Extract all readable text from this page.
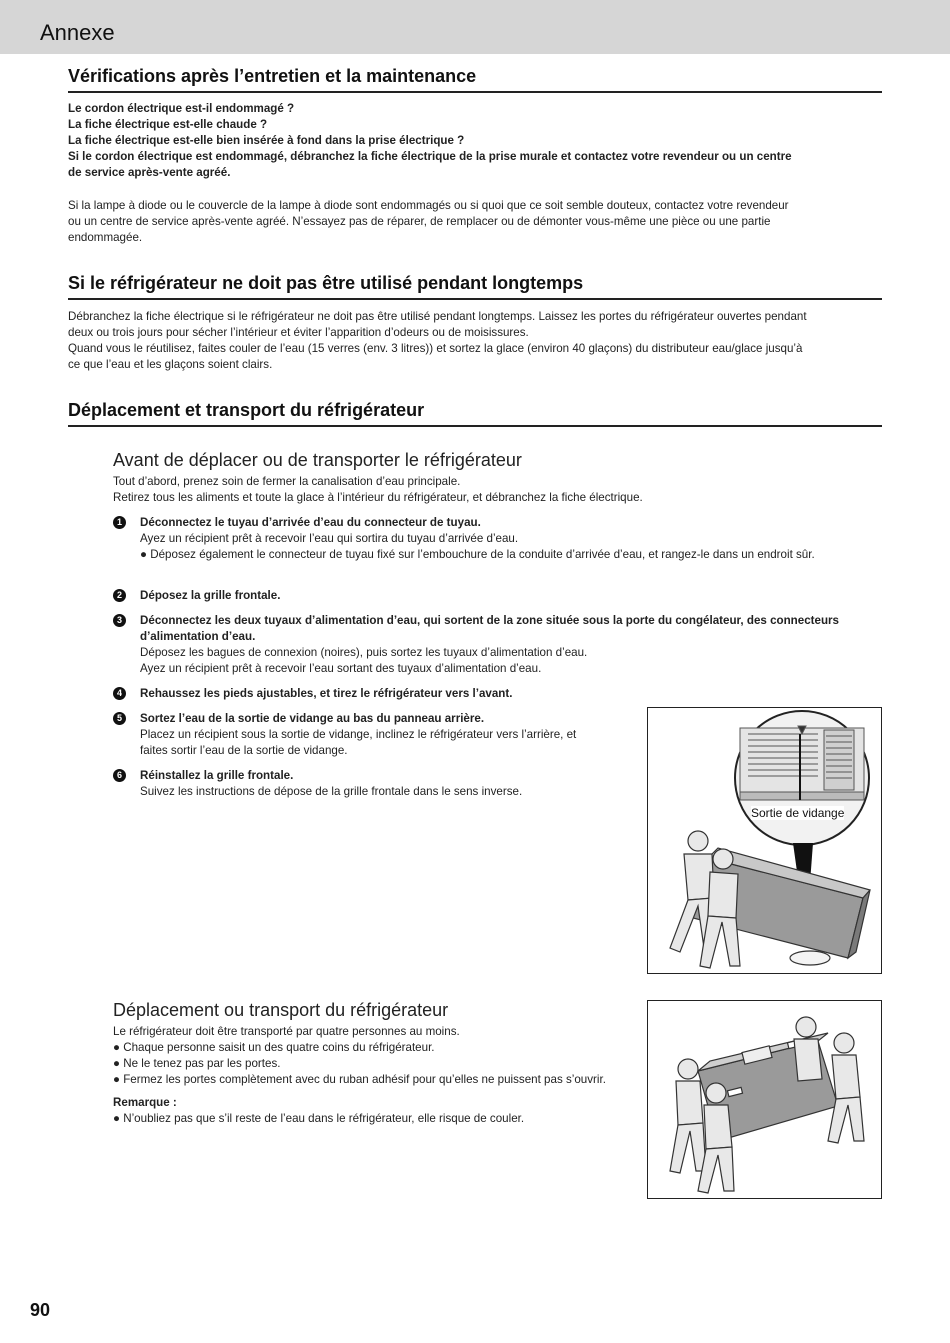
Annexe
Vérifications après l’entretien et la maintenance
Le cordon électrique est-il endommagé ?
La fiche électrique est-elle chaude ?
La fiche électrique est-elle bien insérée à fond dans la prise électrique ?
Si le cordon électrique est endommagé, débranchez la fiche électrique de la prise murale et contactez votre revendeur ou un centre
de service après-vente agréé.
Si la lampe à diode ou le couvercle de la lampe à diode sont endommagés ou si quoi que ce soit semble douteux, contactez votre revendeur
ou un centre de service après-vente agréé. N’essayez pas de réparer, de remplacer ou de démonter vous-même une pièce ou une partie
endommagée.
Si le réfrigérateur ne doit pas être utilisé pendant longtemps
Débranchez la fiche électrique si le réfrigérateur ne doit pas être utilisé pendant longtemps. Laissez les portes du réfrigérateur ouvertes pendant
deux ou trois jours pour sécher l’intérieur et éviter l’apparition d’odeurs ou de moisissures.
Quand vous le réutilisez, faites couler de l’eau (15 verres (env. 3 litres)) et sortez la glace (environ 40 glaçons) du distributeur eau/glace jusqu’à
ce que l’eau et les glaçons soient clairs.
Déplacement et transport du réfrigérateur
Avant de déplacer ou de transporter le réfrigérateur
Tout d’abord, prenez soin de fermer la canalisation d’eau principale.
Retirez tous les aliments et toute la glace à l’intérieur du réfrigérateur, et débranchez la fiche électrique.
1	Déconnectez le tuyau d’arrivée d’eau du connecteur de tuyau.
Ayez un récipient prêt à recevoir l’eau qui sortira du tuyau d’arrivée d’eau.
● Déposez également le connecteur de tuyau fixé sur l’embouchure de la conduite d’arrivée d’eau, et rangez-le dans un endroit sûr.
2	Déposez la grille frontale.
3	Déconnectez les deux tuyaux d’alimentation d’eau, qui sortent de la zone située sous la porte du congélateur, des connecteurs d’alimentation d’eau.
Déposez les bagues de connexion (noires), puis sortez les tuyaux d’alimentation d’eau.
Ayez un récipient prêt à recevoir l’eau sortant des tuyaux d’alimentation d’eau.
4	Rehaussez les pieds ajustables, et tirez le réfrigérateur vers l’avant.
5	Sortez l’eau de la sortie de vidange au bas du panneau arrière.
Placez un récipient sous la sortie de vidange, inclinez le réfrigérateur vers l’arrière, et
faites sortir l’eau de la sortie de vidange.
6	Réinstallez la grille frontale.
Suivez les instructions de dépose de la grille frontale dans le sens inverse.
Sortie de vidange
Déplacement ou transport du réfrigérateur
Le réfrigérateur doit être transporté par quatre personnes au moins.
● Chaque personne saisit un des quatre coins du réfrigérateur.
● Ne le tenez pas par les portes.
● Fermez les portes complètement avec du ruban adhésif pour qu’elles ne puissent pas s’ouvrir.
Remarque :
● N’oubliez pas que s’il reste de l’eau dans le réfrigérateur, elle risque de couler.
90
